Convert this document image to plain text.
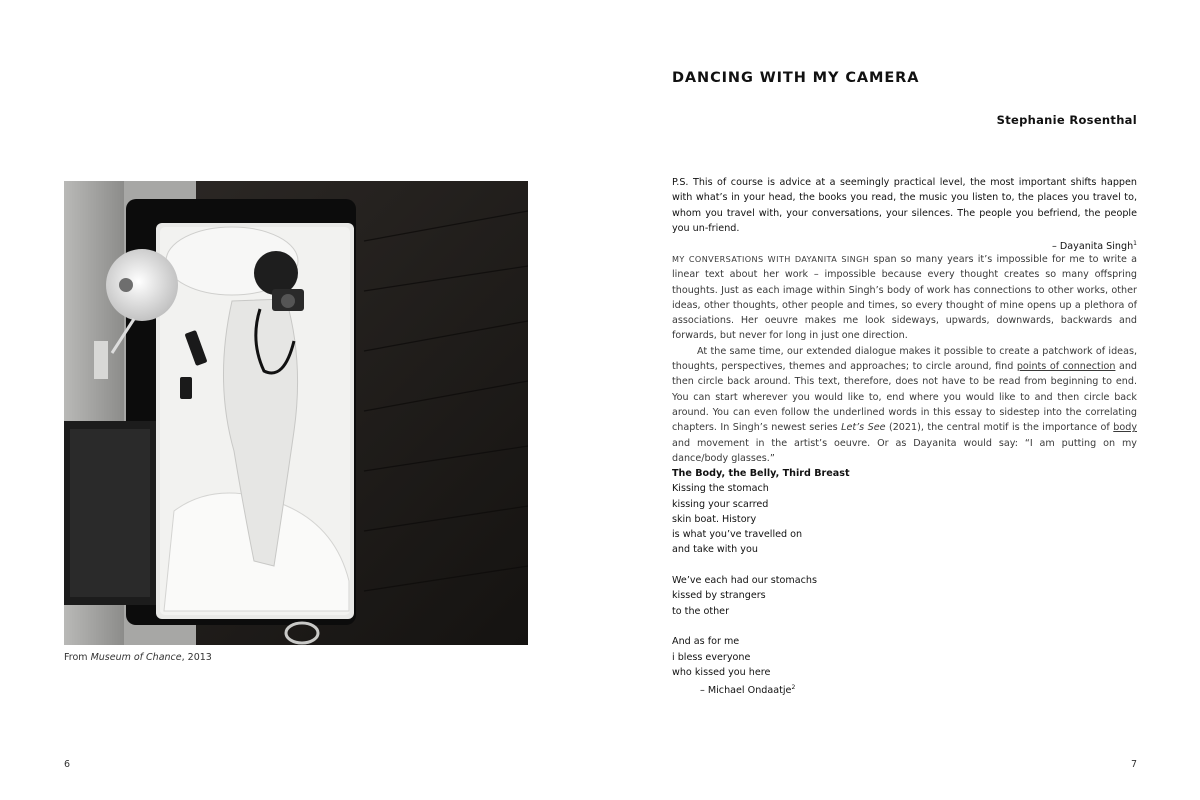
From Museum of Chance, 2013
6
DANCING WITH MY CAMERA
Stephanie Rosenthal

P.S. This of course is advice at a seemingly practical level, the most important shifts happen with what’s in your head, the books you read, the music you listen to, the places you travel to, whom you travel with, your conversations, your silences. The people you befriend, the people you un-friend.

– Dayanita Singh$^1$

MY CONVERSATIONS WITH DAYANITA SINGH span so many years it’s impossible for me to write a linear text about her work – impossible because every thought creates so many offspring thoughts. Just as each image within Singh’s body of work has connections to other works, other ideas, other thoughts, other people and times, so every thought of mine opens up a plethora of associations. Her oeuvre makes me look sideways, upwards, downwards, backwards and forwards, but never for long in just one direction.

At the same time, our extended dialogue makes it possible to create a patchwork of ideas, thoughts, perspectives, themes and approaches; to circle around, find points of connection and then circle back around. This text, therefore, does not have to be read from beginning to end. You can start wherever you would like to, end where you would like to and then circle back around. You can even follow the underlined words in this essay to sidestep into the correlating chapters. In Singh’s newest series Let’s See (2021), the central motif is the importance of body and movement in the artist’s oeuvre. Or as Dayanita would say: “I am putting on my dance/body glasses.”

The Body, the Belly, Third Breast
Kissing the stomach
kissing your scarred
skin boat. History
is what you’ve travelled on
and take with you
We’ve each had our stomachs
kissed by strangers
to the other
And as for me
i bless everyone
who kissed you here
– Michael Ondaatje$^2$
7
